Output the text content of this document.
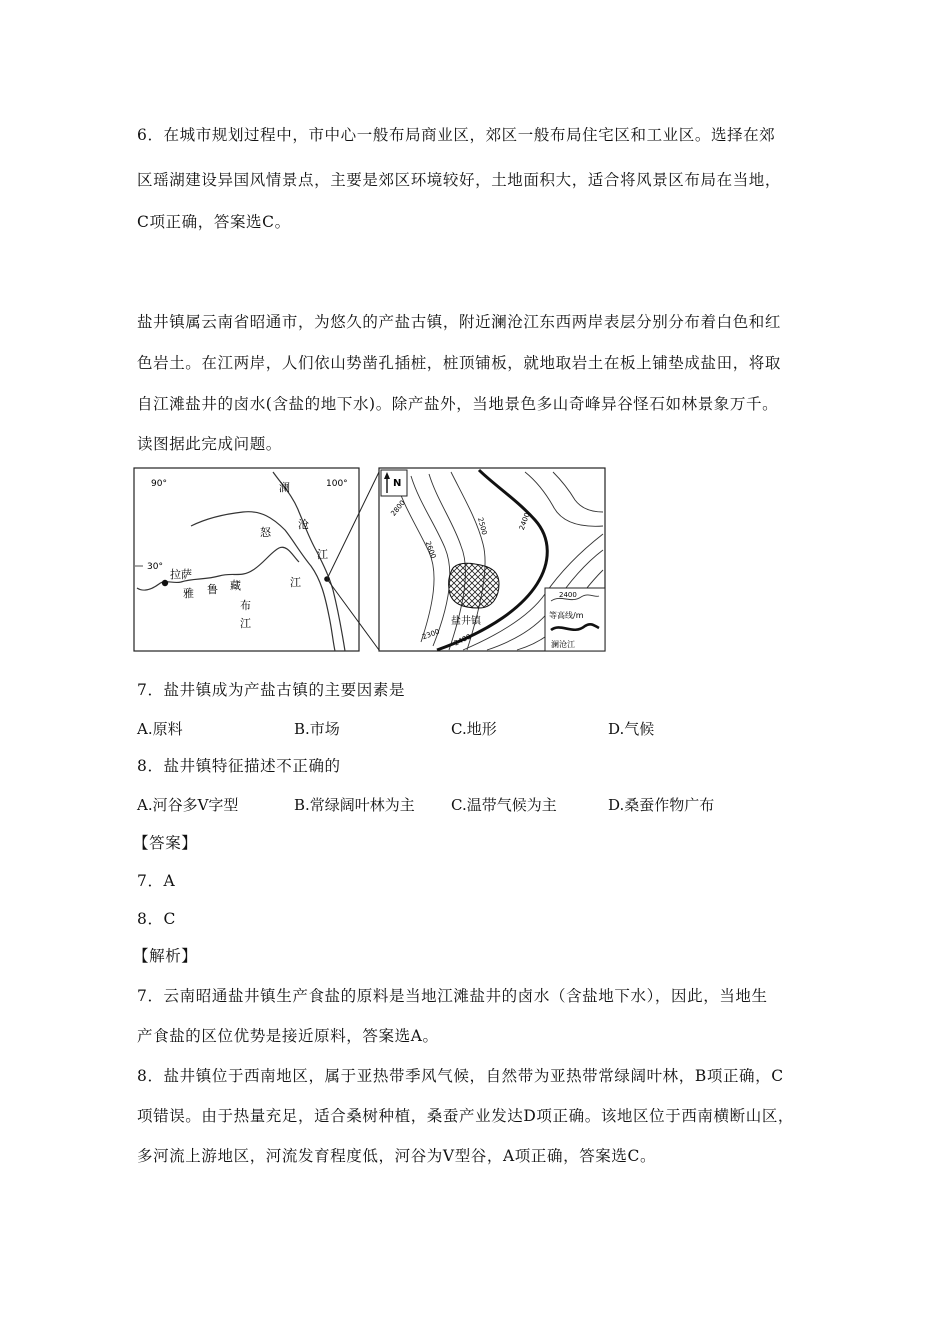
6．在城市规划过程中，市中心一般布局商业区，郊区一般布局住宅区和工业区。选择在郊
区瑶湖建设异国风情景点，主要是郊区环境较好，土地面积大，适合将风景区布局在当地，
C项正确，答案选C。
盐井镇属云南省昭通市，为悠久的产盐古镇，附近澜沧江东西两岸表层分别分布着白色和红
色岩土。在江两岸，人们依山势凿孔插桩，桩顶铺板，就地取岩土在板上铺垫成盐田，将取
自江滩盐井的卤水(含盐的地下水)。除产盐外，当地景色多山奇峰异谷怪石如林景象万千。
读图据此完成问题。
90°	100°
30°
拉萨
雅 鲁 藏
布
江
澜
沧
江
怒
江
N
2800
2600
2500	2400
2300 2400
盐井镇
2400
等高线/m
澜沧江
7．盐井镇成为产盐古镇的主要因素是
A.原料	B.市场	C.地形	D.气候
8．盐井镇特征描述不正确的
A.河谷多V字型	B.常绿阔叶林为主 C.温带气候为主	D.桑蚕作物广布
【答案】
7．A
8．C
【解析】
7．云南昭通盐井镇生产食盐的原料是当地江滩盐井的卤水（含盐地下水），因此，当地生
产食盐的区位优势是接近原料，答案选A。
8．盐井镇位于西南地区，属于亚热带季风气候，自然带为亚热带常绿阔叶林，B项正确，C
项错误。由于热量充足，适合桑树种植，桑蚕产业发达D项正确。该地区位于西南横断山区，
多河流上游地区，河流发育程度低，河谷为V型谷，A项正确，答案选C。
